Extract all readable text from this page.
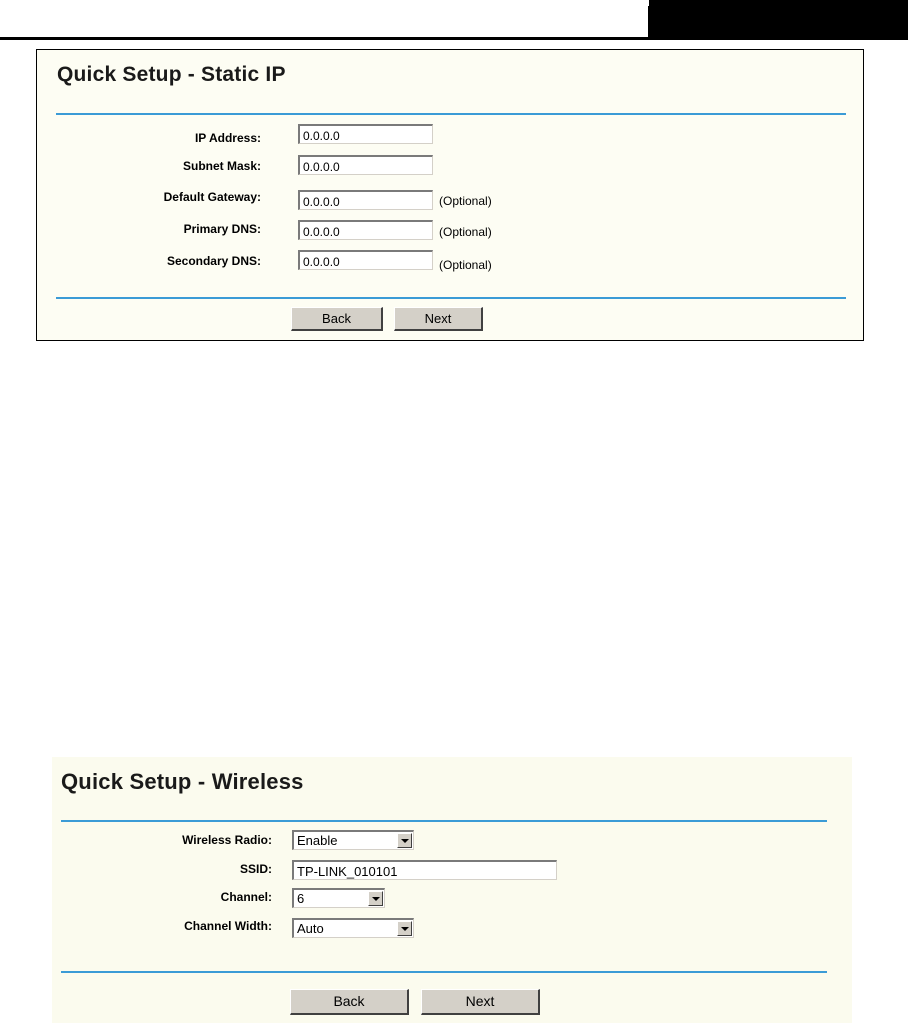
Quick Setup - Static IP
IP Address:
0.0.0.0
Subnet Mask:
0.0.0.0
Default Gateway:
0.0.0.0	(Optional)
Primary DNS:
0.0.0.0	(Optional)
Secondary DNS:
0.0.0.0	(Optional)
Back	Next
Quick Setup - Wireless
Wireless Radio: Enable
SSID:
TP-LINK_010101
Channel: 6
Channel Width: Auto
Back	Next
